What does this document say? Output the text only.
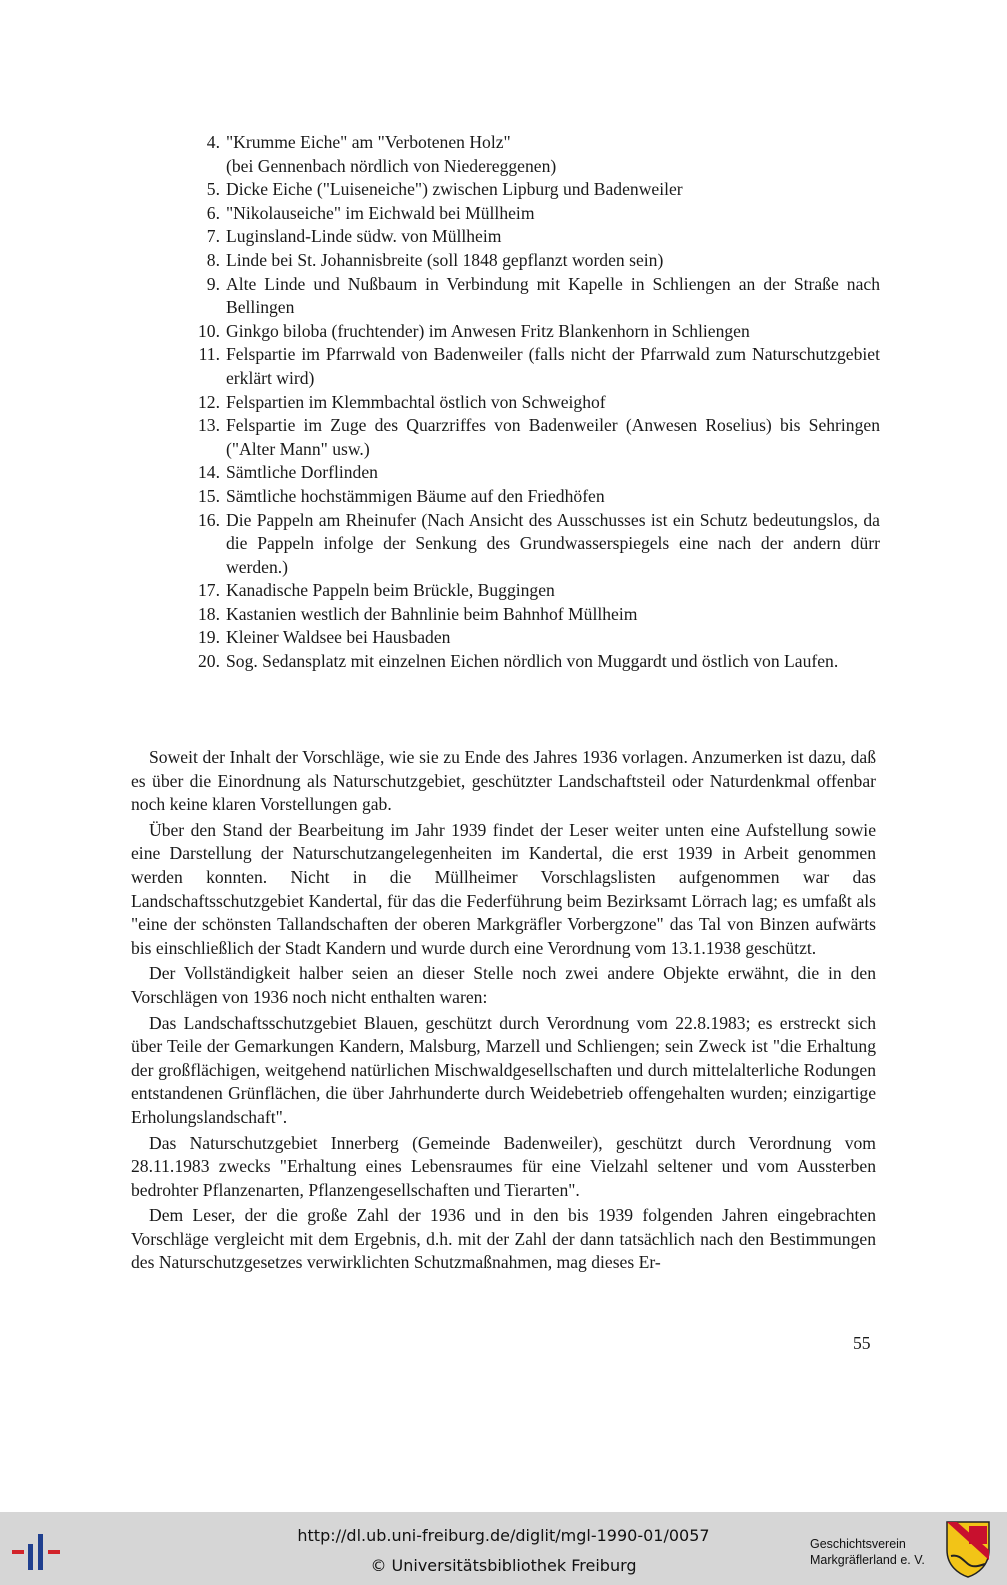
4. "Krumme Eiche" am "Verbotenen Holz"
(bei Gennenbach nördlich von Niedereggenen)
5. Dicke Eiche ("Luiseneiche") zwischen Lipburg und Badenweiler
6. "Nikolauseiche" im Eichwald bei Müllheim
7. Luginsland-Linde südw. von Müllheim
8. Linde bei St. Johannisbreite (soll 1848 gepflanzt worden sein)
9. Alte Linde und Nußbaum in Verbindung mit Kapelle in Schliengen an der Straße nach Bellingen
10. Ginkgo biloba (fruchtender) im Anwesen Fritz Blankenhorn in Schliengen
11. Felspartie im Pfarrwald von Badenweiler (falls nicht der Pfarrwald zum Naturschutzgebiet erklärt wird)
12. Felspartien im Klemmbachtal östlich von Schweighof
13. Felspartie im Zuge des Quarzriffes von Badenweiler (Anwesen Roselius) bis Sehringen ("Alter Mann" usw.)
14. Sämtliche Dorflinden
15. Sämtliche hochstämmigen Bäume auf den Friedhöfen
16. Die Pappeln am Rheinufer (Nach Ansicht des Ausschusses ist ein Schutz bedeutungslos, da die Pappeln infolge der Senkung des Grundwasserspiegels eine nach der andern dürr werden.)
17. Kanadische Pappeln beim Brückle, Buggingen
18. Kastanien westlich der Bahnlinie beim Bahnhof Müllheim
19. Kleiner Waldsee bei Hausbaden
20. Sog. Sedansplatz mit einzelnen Eichen nördlich von Muggardt und östlich von Laufen.

Soweit der Inhalt der Vorschläge, wie sie zu Ende des Jahres 1936 vorlagen. Anzumerken ist dazu, daß es über die Einordnung als Naturschutzgebiet, geschützter Landschaftsteil oder Naturdenkmal offenbar noch keine klaren Vorstellungen gab.

Über den Stand der Bearbeitung im Jahr 1939 findet der Leser weiter unten eine Aufstellung sowie eine Darstellung der Naturschutzangelegenheiten im Kandertal, die erst 1939 in Arbeit genommen werden konnten. Nicht in die Müllheimer Vorschlagslisten aufgenommen war das Landschaftsschutzgebiet Kandertal, für das die Federführung beim Bezirksamt Lörrach lag; es umfaßt als "eine der schönsten Tallandschaften der oberen Markgräfler Vorbergzone" das Tal von Binzen aufwärts bis einschließlich der Stadt Kandern und wurde durch eine Verordnung vom 13.1.1938 geschützt.

Der Vollständigkeit halber seien an dieser Stelle noch zwei andere Objekte erwähnt, die in den Vorschlägen von 1936 noch nicht enthalten waren:

Das Landschaftsschutzgebiet Blauen, geschützt durch Verordnung vom 22.8.1983; es erstreckt sich über Teile der Gemarkungen Kandern, Malsburg, Marzell und Schliengen; sein Zweck ist "die Erhaltung der großflächigen, weitgehend natürlichen Mischwaldgesellschaften und durch mittelalterliche Rodungen entstandenen Grünflächen, die über Jahrhunderte durch Weidebetrieb offengehalten wurden; einzigartige Erholungslandschaft".

Das Naturschutzgebiet Innerberg (Gemeinde Badenweiler), geschützt durch Verordnung vom 28.11.1983 zwecks "Erhaltung eines Lebensraumes für eine Vielzahl seltener und vom Aussterben bedrohter Pflanzenarten, Pflanzengesellschaften und Tierarten".

Dem Leser, der die große Zahl der 1936 und in den bis 1939 folgenden Jahren eingebrachten Vorschläge vergleicht mit dem Ergebnis, d.h. mit der Zahl der dann tatsächlich nach den Bestimmungen des Naturschutzgesetzes verwirklichten Schutzmaßnahmen, mag dieses Er-

55
http://dl.ub.uni-freiburg.de/diglit/mgl-1990-01/0057
© Universitätsbibliothek Freiburg
Geschichtsverein
Markgräflerland e. V.
